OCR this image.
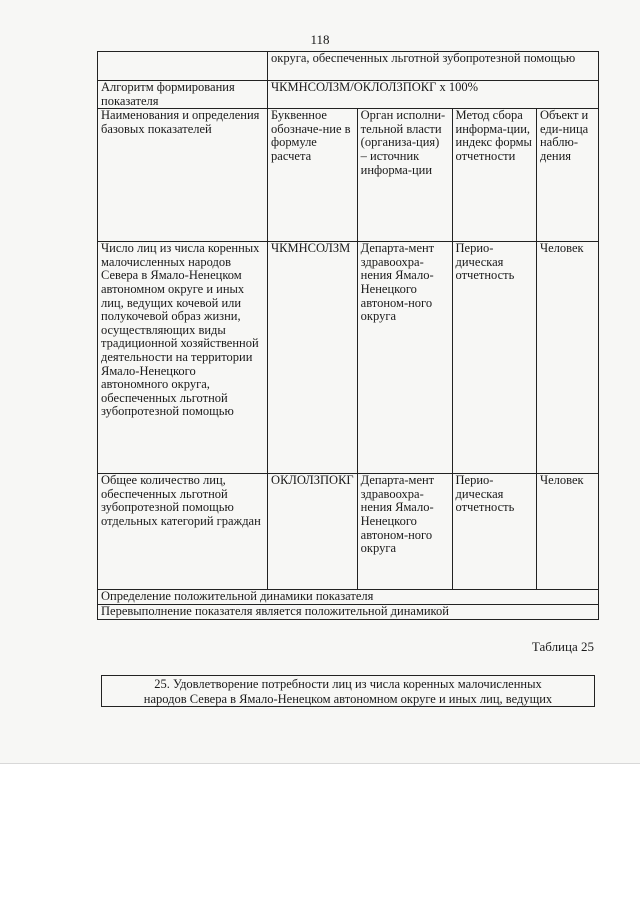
118
	округа, обеспеченных льготной зубопротезной помощью			
Алгоритм формирования показателя	ЧКМНСОЛЗМ/ОКЛОЛЗПОКГ x 100%			
Наименования и определения базовых показателей	Буквенное обозначе-ние в формуле расчета	Орган исполни-тельной власти (организа-ция) – источник информа-ции	Метод сбора информа-ции, индекс формы отчетности	Объект и еди-ница наблю-дения
Число лиц из числа коренных малочисленных народов Севера в Ямало-Ненецком автономном округе и иных лиц, ведущих кочевой или полукочевой образ жизни, осуществляющих виды традиционной хозяйственной деятельности на территории Ямало-Ненецкого автономного округа, обеспеченных льготной зубопротезной помощью	ЧКМНСОЛЗМ	Департа-мент здравоохра-нения Ямало-Ненецкого автоном-ного округа	Перио-дическая отчетность	Человек
Общее количество лиц, обеспеченных льготной зубопротезной помощью отдельных категорий граждан	ОКЛОЛЗПОКГ	Департа-мент здравоохра-нения Ямало-Ненецкого автоном-ного округа	Перио-дическая отчетность	Человек
Определение положительной динамики показателя				
Перевыполнение показателя является положительной динамикой				
Таблица 25
25. Удовлетворение потребности лиц из числа коренных малочисленных
народов Севера в Ямало-Ненецком автономном округе и иных лиц, ведущих
